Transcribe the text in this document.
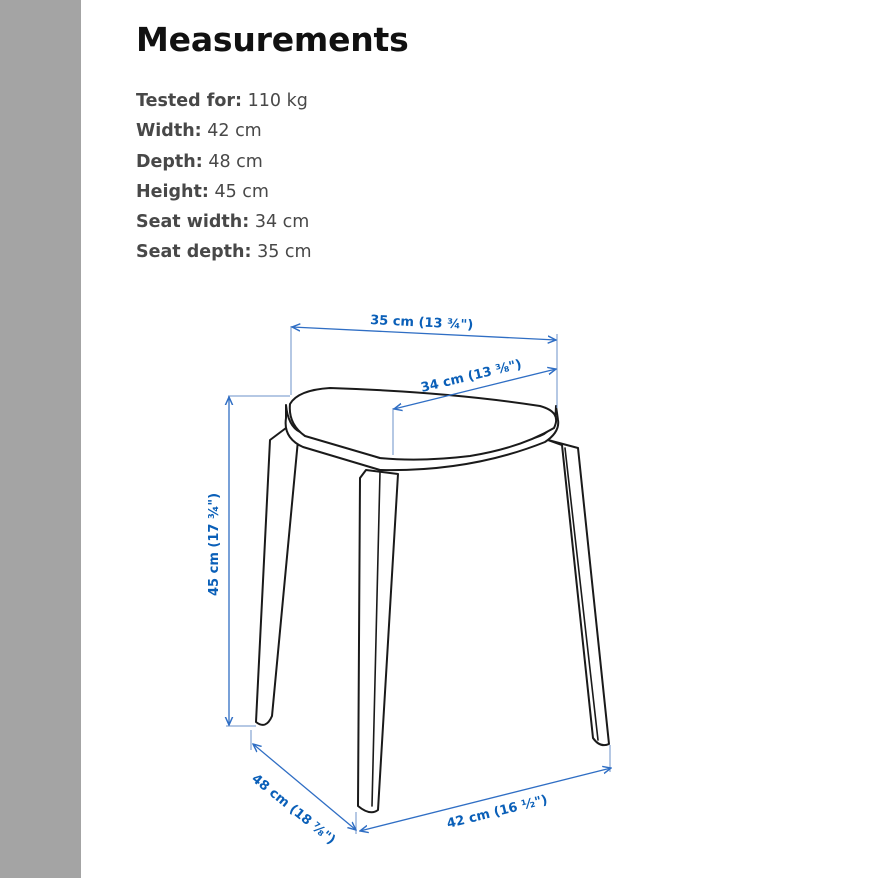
Measurements
Tested for: 110 kg
Width: 42 cm
Depth: 48 cm
Height: 45 cm
Seat width: 34 cm
Seat depth: 35 cm
35 cm (13 ¾")
34 cm (13 ⅜")
45 cm (17 ¾")
48 cm (18 ⅞")	42 cm (16 ½")
